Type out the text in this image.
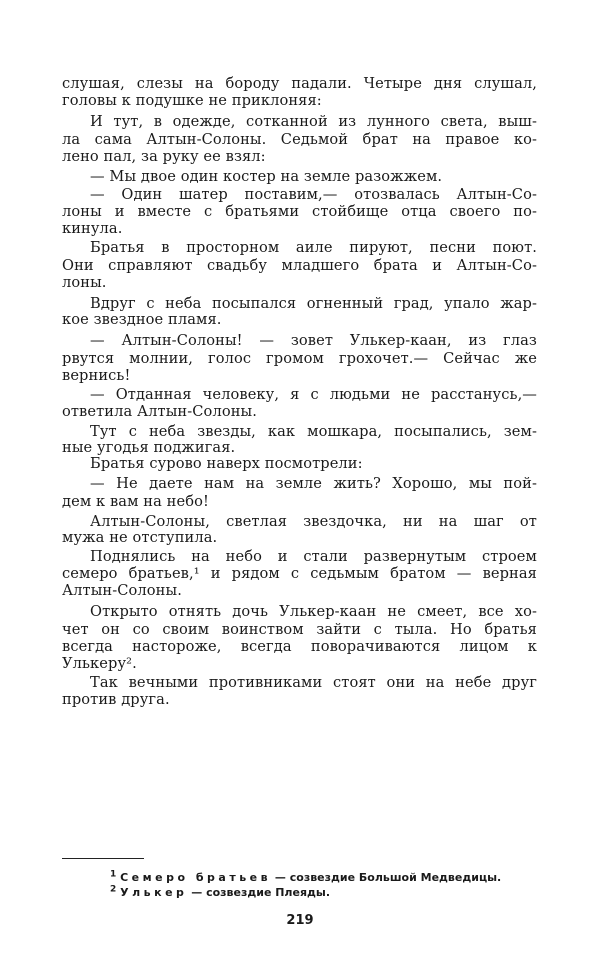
слушая, слезы на бороду падали. Четыре дня слушал,
головы к подушке не приклоняя:
И тут, в одежде, сотканной из лунного света, выш-
ла сама Алтын-Солоны. Седьмой брат на правое ко-
лено пал, за руку ее взял:
— Мы двое один костер на земле разожжем.
— Один шатер поставим,— отозвалась Алтын-Со-
лоны и вместе с братьями стойбище отца своего по-
кинула.
Братья в просторном аиле пируют, песни поют.
Они справляют свадьбу младшего брата и Алтын-Со-
лоны.
Вдруг с неба посыпался огненный град, упало жар-
кое звездное пламя.
— Алтын-Солоны! — зовет Улькер-каан, из глаз
рвутся молнии, голос громом грохочет.— Сейчас же
вернись!
— Отданная человеку, я с людьми не расстанусь,—
ответила Алтын-Солоны.
Тут с неба звезды, как мошкара, посыпались, зем-
ные угодья поджигая.
Братья сурово наверх посмотрели:
— Не даете нам на земле жить? Хорошо, мы пой-
дем к вам на небо!
Алтын-Солоны, светлая звездочка, ни на шаг от
мужа не отступила.
Поднялись на небо и стали развернутым строем
семеро братьев,¹ и рядом с седьмым братом — верная
Алтын-Солоны.
Открыто отнять дочь Улькер-каан не смеет, все хо-
чет он со своим воинством зайти с тыла. Но братья
всегда настороже, всегда поворачиваются лицом к
Улькеру².
Так вечными противниками стоят они на небе друг
против друга.
$^1$ Семеро братьев — созвездие Большой Медведицы.
$^2$ Улькер — созвездие Плеяды.
219
